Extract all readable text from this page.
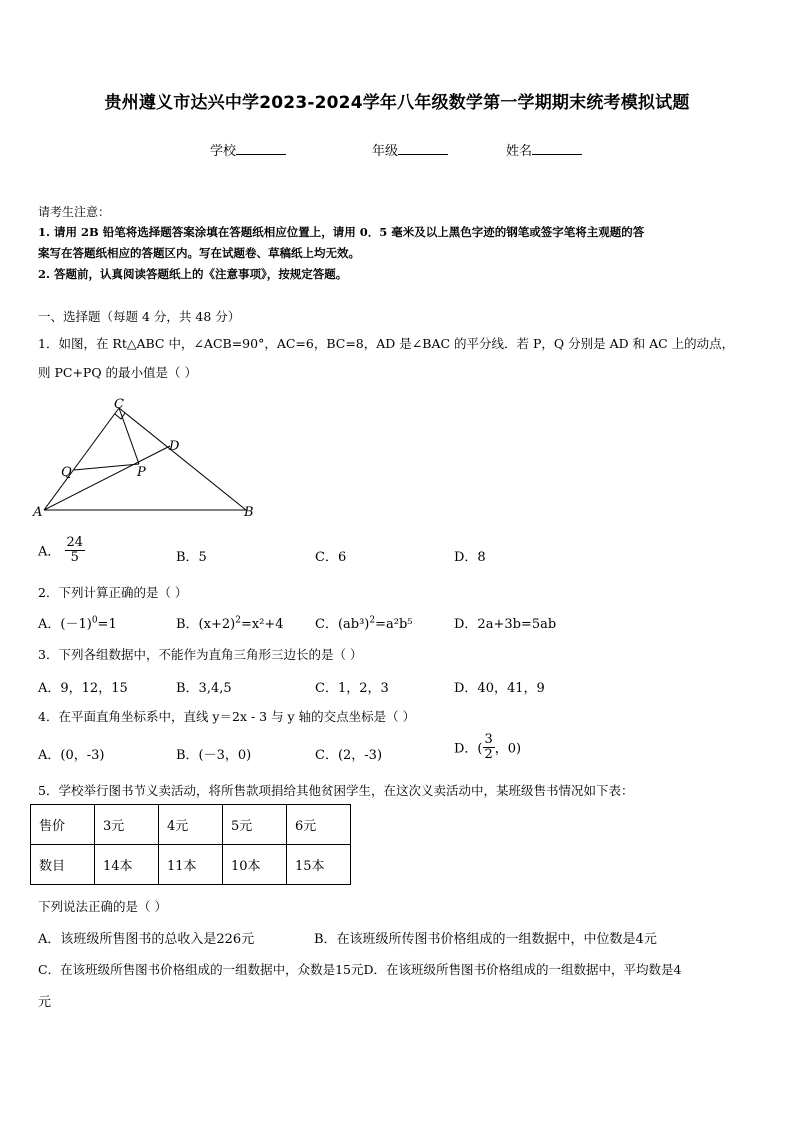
贵州遵义市达兴中学2023-2024学年八年级数学第一学期期末统考模拟试题
学校	年级	姓名
请考生注意：
1. 请用 2B 铅笔将选择题答案涂填在答题纸相应位置上，请用 0．5 毫米及以上黑色字迹的钢笔或签字笔将主观题的答
案写在答题纸相应的答题区内。写在试题卷、草稿纸上均无效。
2. 答题前，认真阅读答题纸上的《注意事项》，按规定答题。
一、选择题（每题 4 分，共 48 分）
1．如图，在 Rt△ABC 中，∠ACB=90°，AC=6，BC=8，AD 是∠BAC 的平分线．若 P，Q 分别是 AD 和 AC 上的动点，
则 PC+PQ 的最小值是（ ）
A	B
C
D
P
Q
A． $\frac{24}{5}$	B．5	C．6	D．8
2．下列计算正确的是（ ）
A．$(-1)^0=1$	B．$(x+2)^2=x^2+4$ C．$(ab^3)^2=a^2b^5$	D．2a+3b=5ab
3．下列各组数据中，不能作为直角三角形三边长的是（ ）
A．9，12，15	B．3,4,5	C．1，2，3	D．40，41，9
4．在平面直角坐标系中，直线 y＝2x - 3 与 y 轴的交点坐标是（ ）
A．(0，-3)	B．(－3，0)	C．(2，-3)	D．( $\frac{3}{2}$ ，0)
5．学校举行图书节义卖活动，将所售款项捐给其他贫困学生，在这次义卖活动中，某班级售书情况如下表：
售价	3元	4元	5元	6元
数目	14本	11本	10本	15本
下列说法正确的是（ ）
A．该班级所售图书的总收入是226元	B．在该班级所传图书价格组成的一组数据中，中位数是4元
C．在该班级所售图书价格组成的一组数据中，众数是15元D．在该班级所售图书价格组成的一组数据中，平均数是4
元
